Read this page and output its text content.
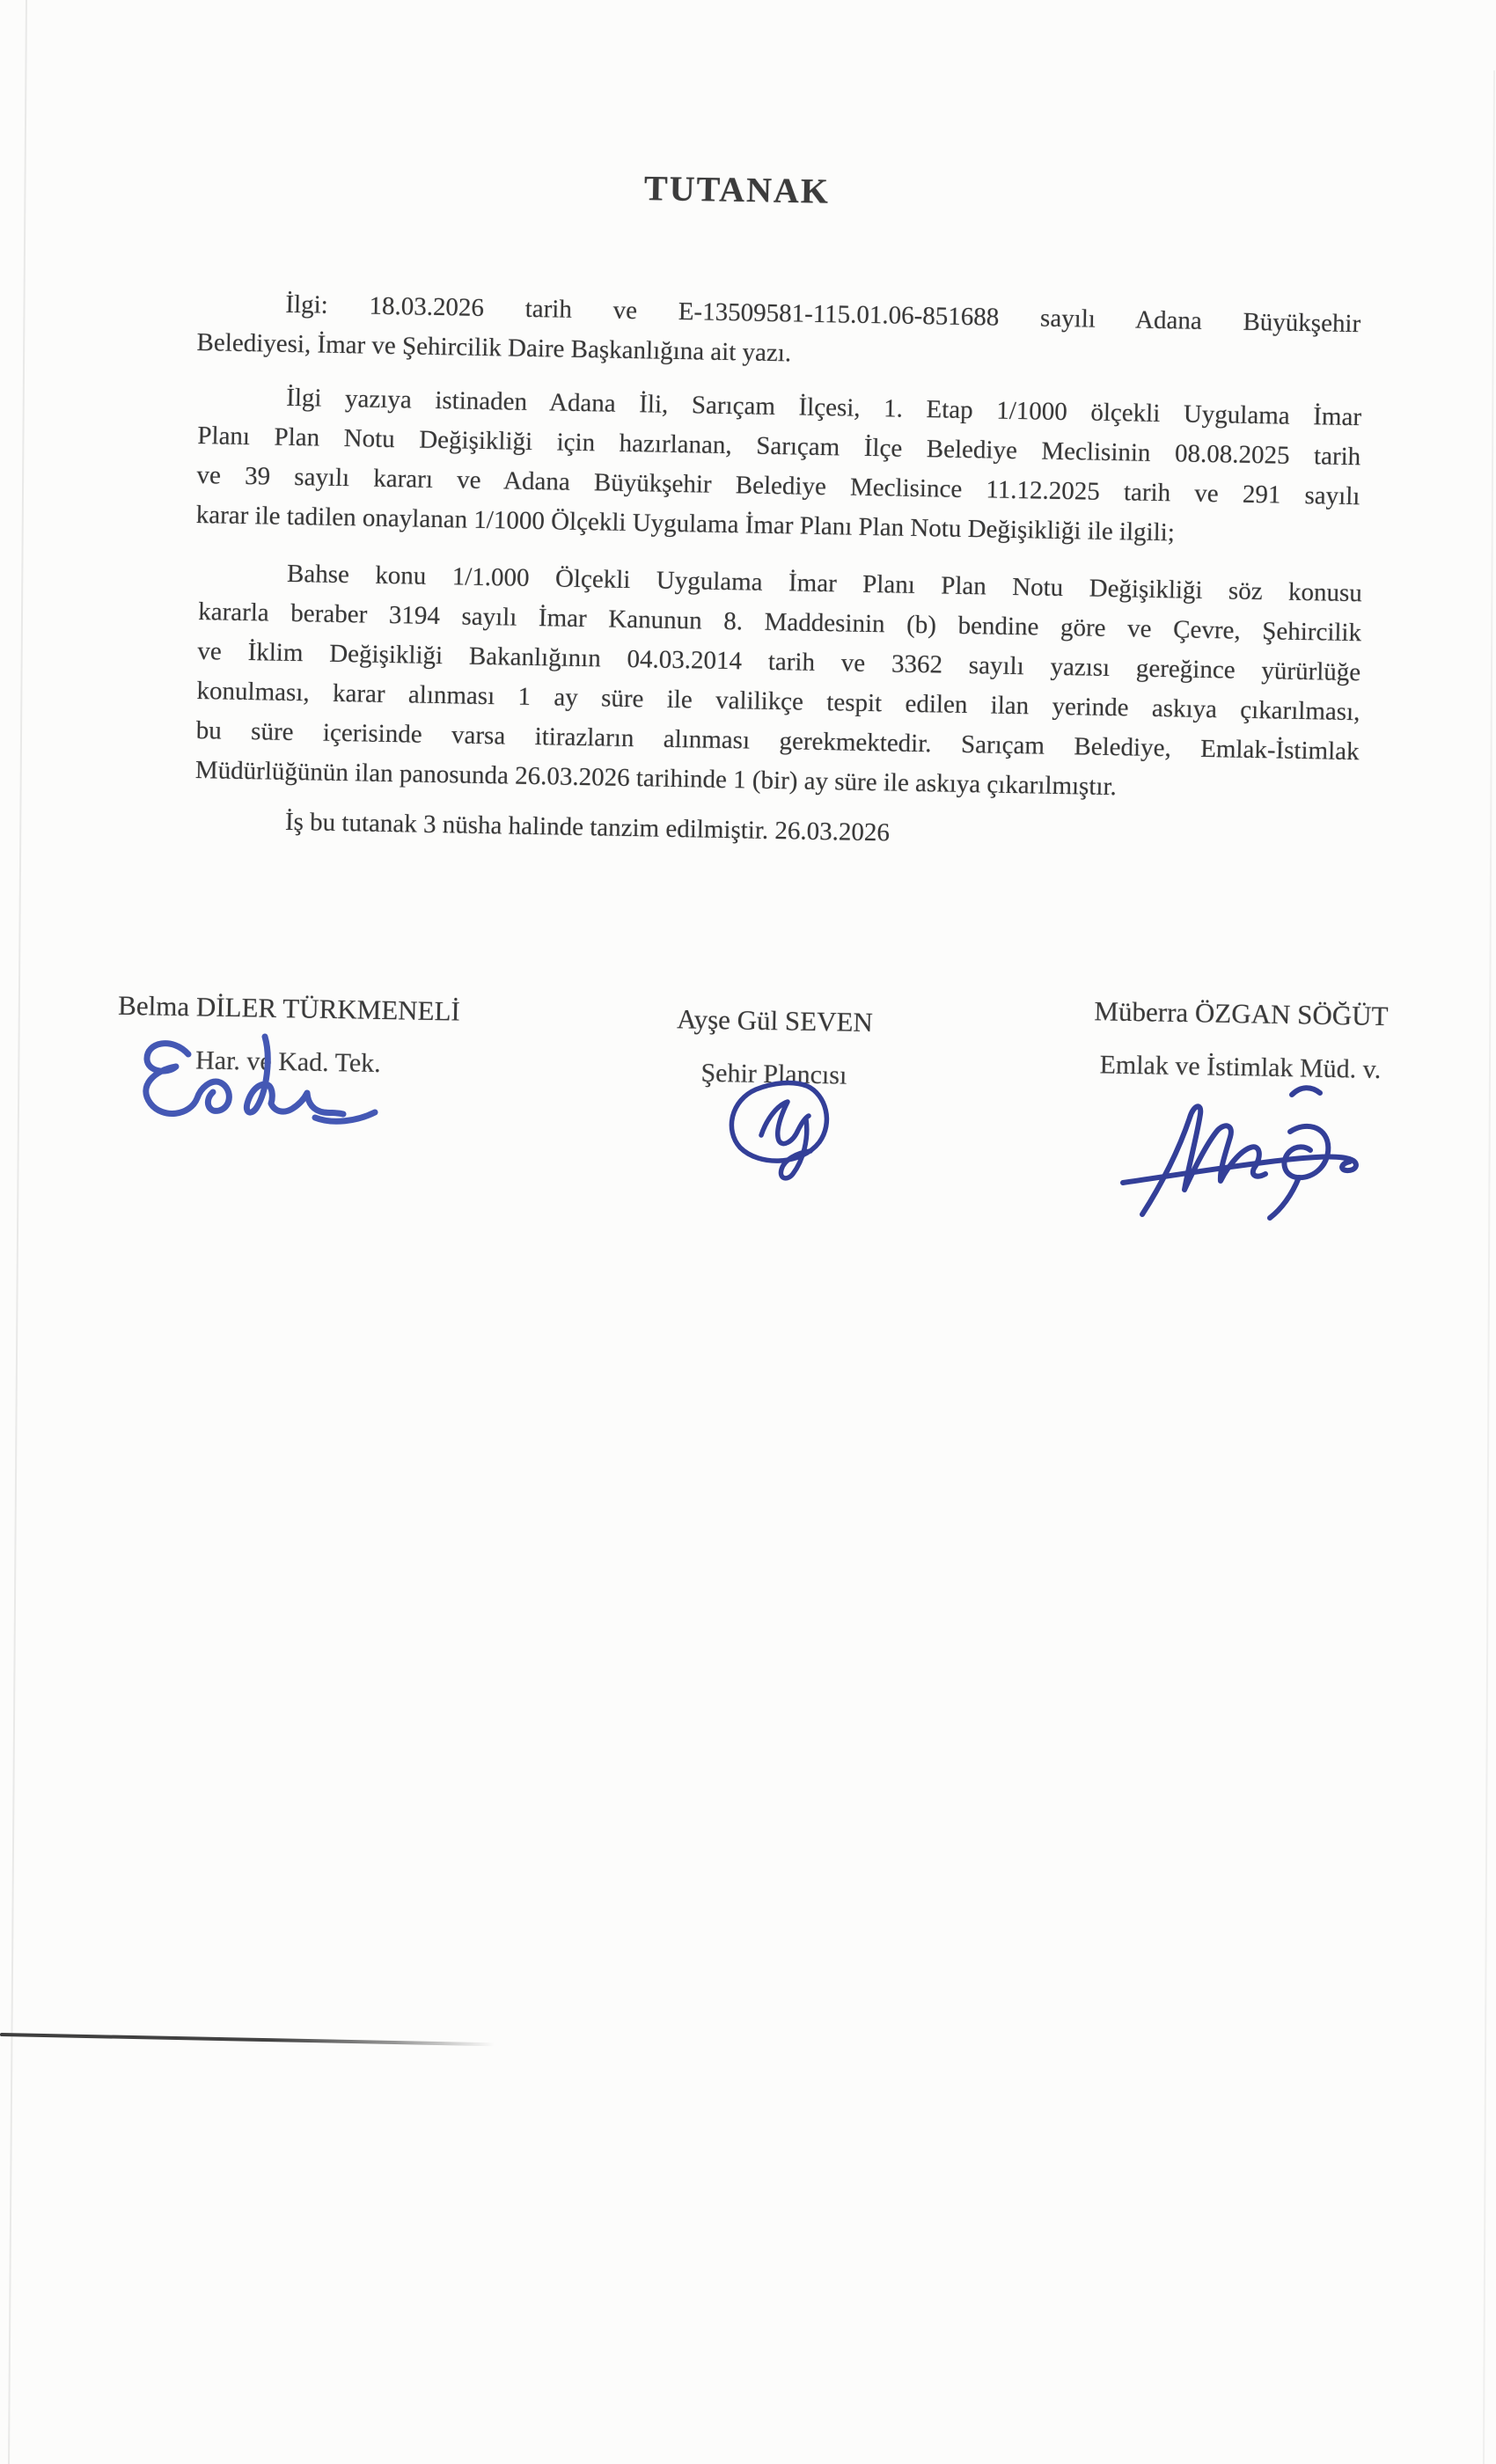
TUTANAK
İlgi: 18.03.2026 tarih ve E-13509581-115.01.06-851688 sayılı Adana Büyükşehir
Belediyesi, İmar ve Şehircilik Daire Başkanlığına ait yazı.
İlgi yazıya istinaden Adana İli, Sarıçam İlçesi, 1. Etap 1/1000 ölçekli Uygulama İmar
Planı Plan Notu Değişikliği için hazırlanan, Sarıçam İlçe Belediye Meclisinin 08.08.2025 tarih
ve 39 sayılı kararı ve Adana Büyükşehir Belediye Meclisince 11.12.2025 tarih ve 291 sayılı
karar ile tadilen onaylanan 1/1000 Ölçekli Uygulama İmar Planı Plan Notu Değişikliği ile ilgili;
Bahse konu 1/1.000 Ölçekli Uygulama İmar Planı Plan Notu Değişikliği söz konusu
kararla beraber 3194 sayılı İmar Kanunun 8. Maddesinin (b) bendine göre ve Çevre, Şehircilik
ve İklim Değişikliği Bakanlığının 04.03.2014 tarih ve 3362 sayılı yazısı gereğince yürürlüğe
konulması, karar alınması 1 ay süre ile valilikçe tespit edilen ilan yerinde askıya çıkarılması,
bu süre içerisinde varsa itirazların alınması gerekmektedir. Sarıçam Belediye, Emlak-İstimlak
Müdürlüğünün ilan panosunda 26.03.2026 tarihinde 1 (bir) ay süre ile askıya çıkarılmıştır.
İş bu tutanak 3 nüsha halinde tanzim edilmiştir. 26.03.2026
Belma DİLER TÜRKMENELİ
Har. ve Kad. Tek.
Ayşe Gül SEVEN
Şehir Plancısı
Müberra ÖZGAN SÖĞÜT
Emlak ve İstimlak Müd. v.
